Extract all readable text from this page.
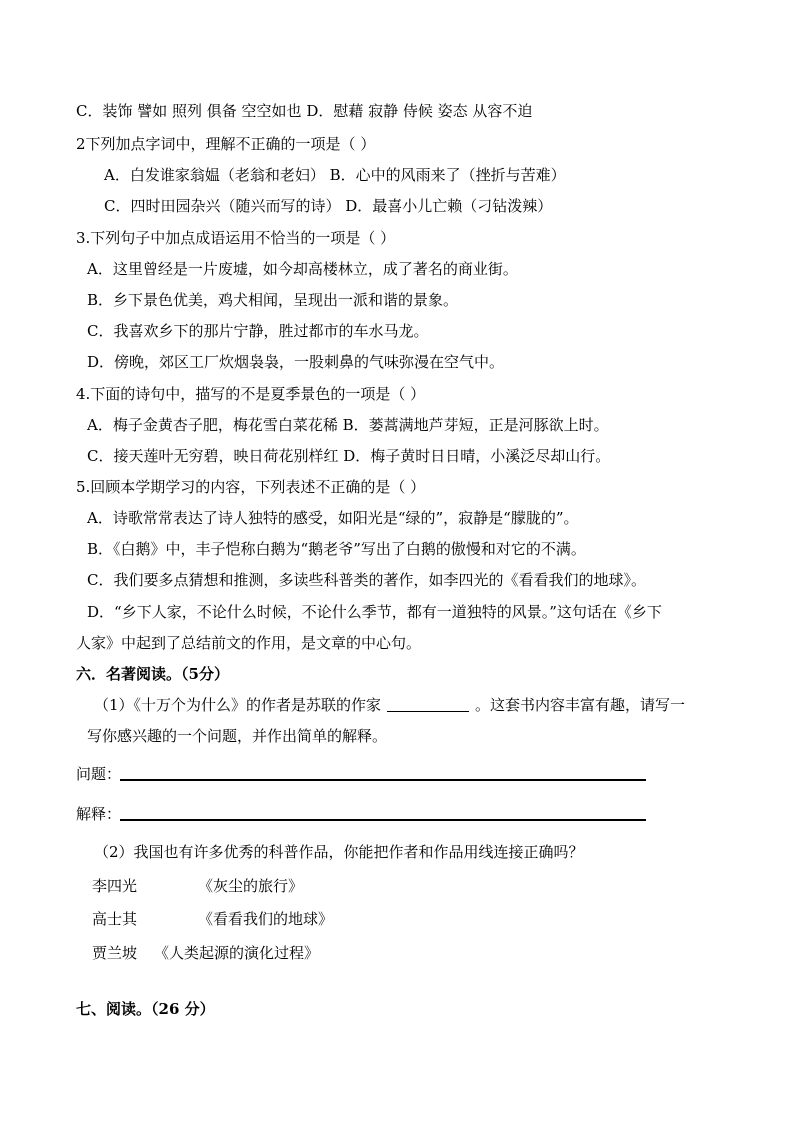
C．装饰 譬如 照列 俱备 空空如也 D．慰藉 寂静 侍候 姿态 从容不迫
2下列加点字词中，理解不正确的一项是（ ）
A．白发谁家翁媪（老翁和老妇） B．心中的风雨来了（挫折与苦难）
C．四时田园杂兴（随兴而写的诗） D．最喜小儿亡赖（刁钻泼辣）
3.下列句子中加点成语运用不恰当的一项是（ ）
A．这里曾经是一片废墟，如今却高楼林立，成了著名的商业街。
B．乡下景色优美，鸡犬相闻，呈现出一派和谐的景象。
C．我喜欢乡下的那片宁静，胜过都市的车水马龙。
D．傍晚，郊区工厂炊烟袅袅，一股刺鼻的气味弥漫在空气中。
4.下面的诗句中，描写的不是夏季景色的一项是（ ）
A．梅子金黄杏子肥，梅花雪白菜花稀 B．蒌蒿满地芦芽短，正是河豚欲上时。
C．接天莲叶无穷碧，映日荷花别样红 D．梅子黄时日日晴，小溪泛尽却山行。
5.回顾本学期学习的内容，下列表述不正确的是（ ）
A．诗歌常常表达了诗人独特的感受，如阳光是“绿的”，寂静是“朦胧的”。
B．《白鹅》中，丰子恺称白鹅为“鹅老爷”写出了白鹅的傲慢和对它的不满。
C．我们要多点猜想和推测，多读些科普类的著作，如李四光的《看看我们的地球》。
D．“乡下人家，不论什么时候，不论什么季节，都有一道独特的风景。”这句话在《乡下
人家》中起到了总结前文的作用，是文章的中心句。
六．名著阅读。（5分）
（1）《十万个为什么》的作者是苏联的作家	。这套书内容丰富有趣，请写一
写你感兴趣的一个问题，并作出简单的解释。
问题：
解释：
（2）我国也有许多优秀的科普作品，你能把作者和作品用线连接正确吗？
李四光	《灰尘的旅行》
高士其	《看看我们的地球》
贾兰坡 《人类起源的演化过程》
七、阅读。（26 分）
